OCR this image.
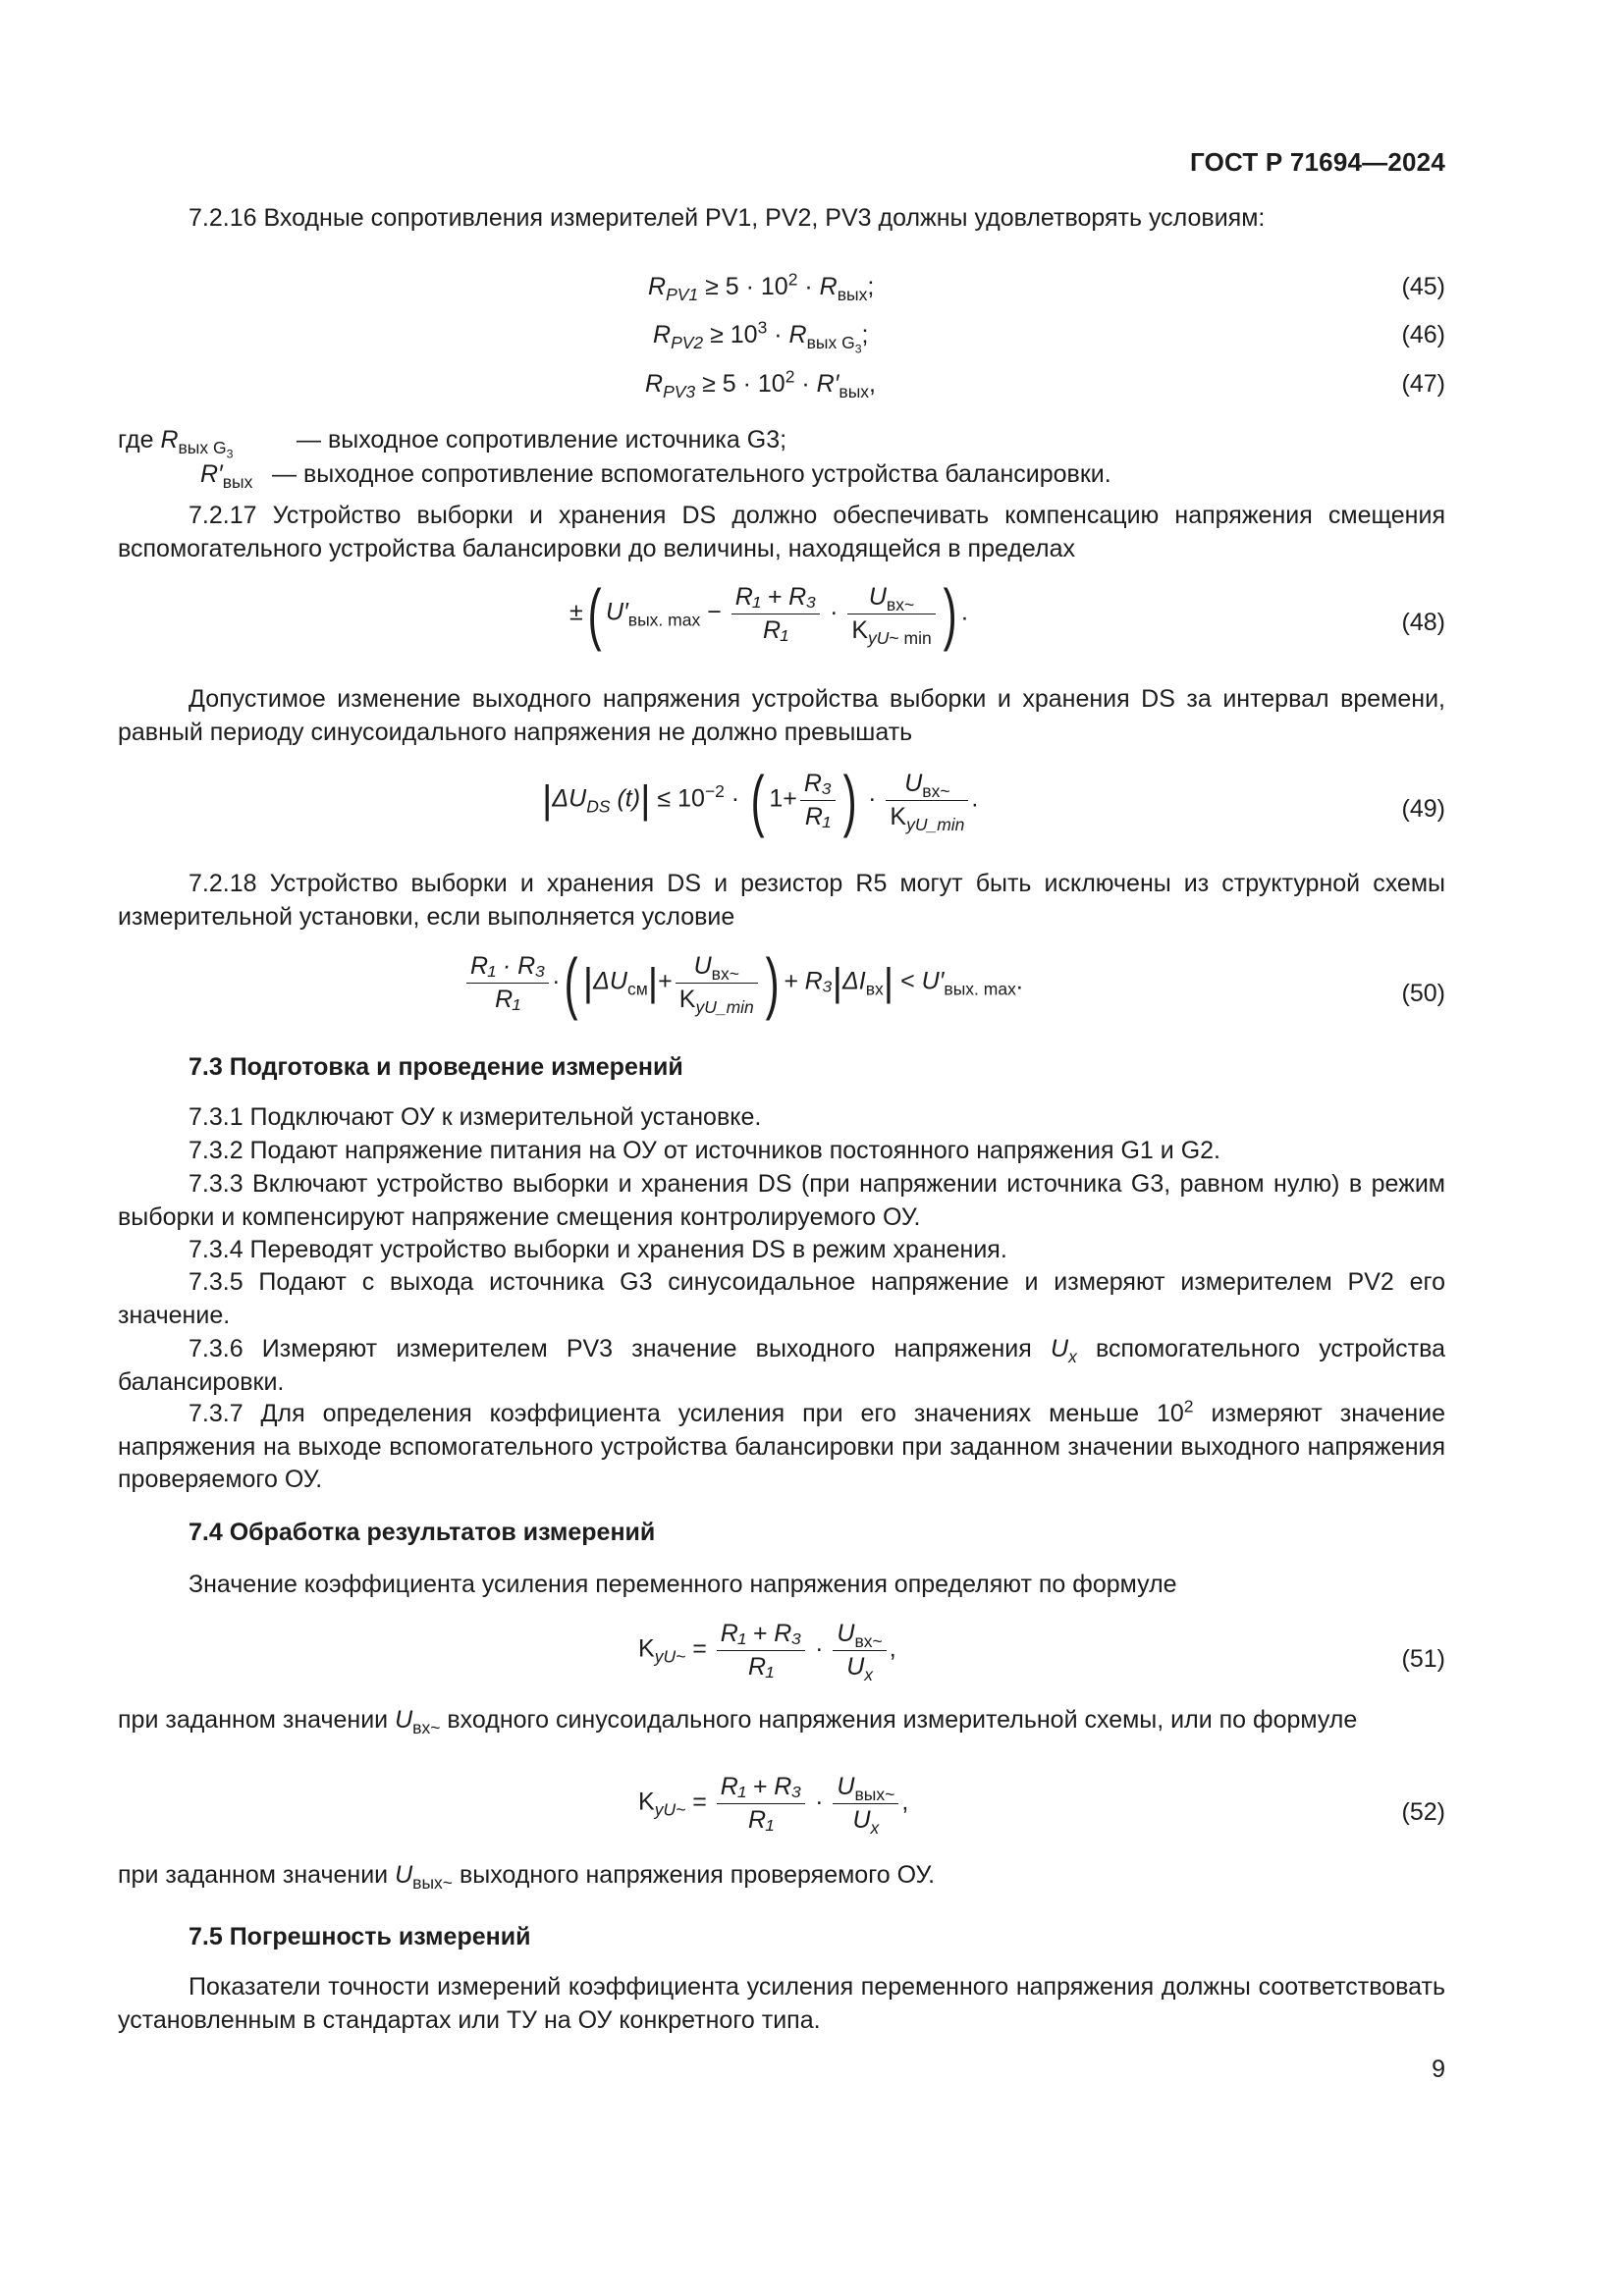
ГОСТ Р 71694—2024

7.2.16 Входные сопротивления измерителей PV1, PV2, PV3 должны удовлетворять условиям:

$R_{PV1} \ge 5 \cdot 10^2 \cdot R_{вых}$;	(45)
$R_{PV2} \ge 10^3 \cdot R_{вых G_3}$;	(46)
$R_{PV3} \ge 5 \cdot 10^2 \cdot R'_{вых}$,	(47)
где $R_{вых G_3}$
— выходное сопротивление источника G3;
$R'_{вых}$ — выходное сопротивление вспомогательного устройства балансировки.

7.2.17 Устройство выборки и хранения DS должно обеспечивать компенсацию напряжения смещения вспомогательного устройства балансировки до величины, находящейся в пределах

±( $U'_{вых. max} - \frac{\text{R₁ + R₃}}{\text{R₁}}$ ·
$U_{вх\sim}$
$K_{yU\sim min}$ ) .	(48)

Допустимое изменение выходного напряжения устройства выборки и хранения DS за интервал времени, равный периоду синусоидального напряжения не должно превышать

$|\Delta U_{DS}$ $(t)| \le 10^{-2}$ · ( $1+ \frac{\text{R₃}}{\text{R₁}}$ ) ·
$U_{вх\sim}$
$K_{yU\_min}$
.	(49)

7.2.18 Устройство выборки и хранения DS и резистор R5 могут быть исключены из структурной схемы измерительной установки, если выполняется условие

$\frac{\text{R₁ · R₃}}{\text{R₁}}$ ·( $|\Delta U_{см}|+$
$U_{вх\sim}$
$K_{yU\_min}$ ) + $R_3|\Delta I_{вх}| < U'_{вых. max}$.	(50)
7.3 Подготовка и проведение измерений

7.3.1 Подключают ОУ к измерительной установке.

7.3.2 Подают напряжение питания на ОУ от источников постоянного напряжения G1 и G2.

7.3.3 Включают устройство выборки и хранения DS (при напряжении источника G3, равном нулю) в режим выборки и компенсируют напряжение смещения контролируемого ОУ.

7.3.4 Переводят устройство выборки и хранения DS в режим хранения.

7.3.5 Подают с выхода источника G3 синусоидальное напряжение и измеряют измерителем PV2 его значение.

7.3.6 Измеряют измерителем PV3 значение выходного напряжения $U_x$ вспомогательного устройства балансировки.

7.3.7 Для определения коэффициента усиления при его значениях меньше $10^2$ измеряют значение напряжения на выходе вспомогательного устройства балансировки при заданном значении выходного напряжения проверяемого ОУ.

7.4 Обработка результатов измерений

Значение коэффициента усиления переменного напряжения определяют по формуле

$K_{yU\sim} = \frac{\text{R₁ + R₃}}{\text{R₁}}$ ·
$U_{вх\sim}$
$U_x$
,	(51)

при заданном значении $U_{вх\sim}$ входного синусоидального напряжения измерительной схемы, или по формуле

$K_{yU\sim} = \frac{\text{R₁ + R₃}}{\text{R₁}}$ ·
$U_{вых\sim}$
$U_x$
,	(52)

при заданном значении $U_{вых\sim}$ выходного напряжения проверяемого ОУ.

7.5 Погрешность измерений

Показатели точности измерений коэффициента усиления переменного напряжения должны соответствовать установленным в стандартах или ТУ на ОУ конкретного типа.

9
